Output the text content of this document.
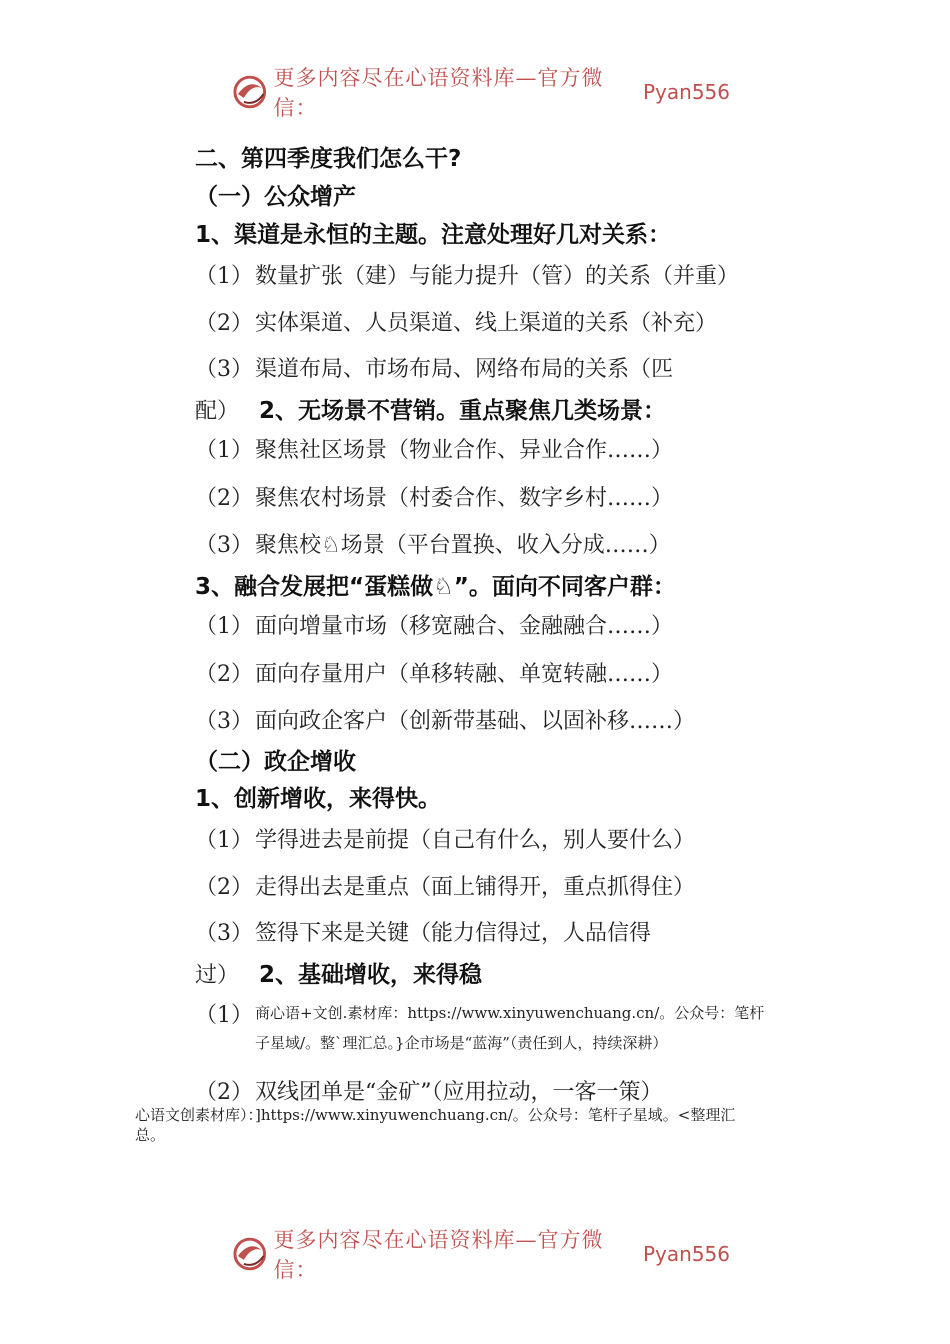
更多内容尽在心语资料库—官方微信：
Pyan556
二、第四季度我们怎么干?
（一）公众增产
1、渠道是永恒的主题。注意处理好几对关系：
（1）数量扩张（建）与能力提升（管）的关系（并重）
（2）实体渠道、人员渠道、线上渠道的关系（补充）
（3）渠道布局、市场布局、网络布局的关系（匹
配） 2、无场景不营销。重点聚焦几类场景：
（1）聚焦社区场景（物业合作、异业合作……）
（2）聚焦农村场景（村委合作、数字乡村……）
（3）聚焦校♘场景（平台置换、收入分成……）
3、融合发展把“蛋糕做♘”。面向不同客户群：
（1）面向增量市场（移宽融合、金融融合……）
（2）面向存量用户（单移转融、单宽转融……）
（3）面向政企客户（创新带基础、以固补移……）
（二）政企增收
1、创新增收，来得快。
（1）学得进去是前提（自己有什么，别人要什么）
（2）走得出去是重点（面上铺得开，重点抓得住）
（3）签得下来是关键（能力信得过，人品信得
过） 2、基础增收，来得稳
（1） 商心语+文创.素材库：https://www.xinyuwenchuang.cn/。公众号：笔杆
子星域/。整`理汇总。}企市场是“蓝海”（责任到人，持续深耕）
（2）双线团单是“金矿”（应用拉动，一客一策）
心语文创素材库）：]https://www.xinyuwenchuang.cn/。公众号：笔杆子星域。<整理汇
总。
更多内容尽在心语资料库—官方微信：
Pyan556
